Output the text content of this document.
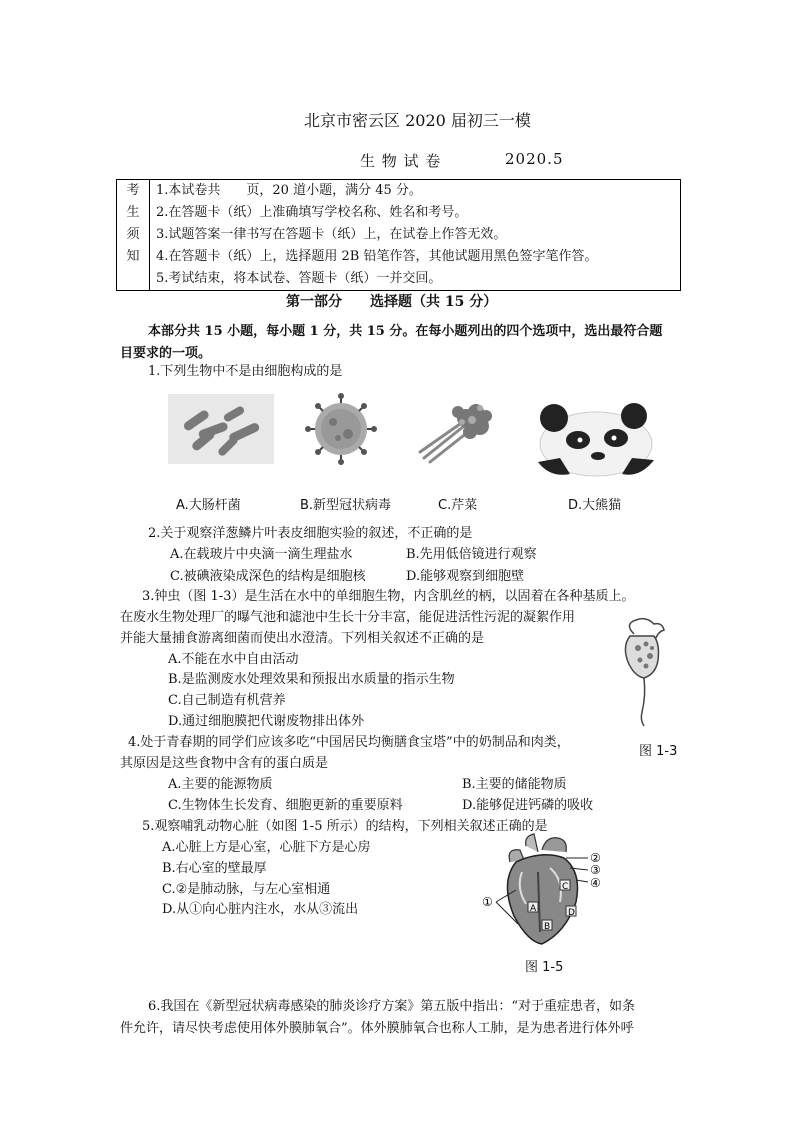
北京市密云区 2020 届初三一模
生 物 试 卷	2020.5
考
生
须
知

1.本试卷共　　页，20 道小题，满分 45 分。
2.在答题卡（纸）上准确填写学校名称、姓名和考号。
3.试题答案一律书写在答题卡（纸）上，在试卷上作答无效。
4.在答题卡（纸）上，选择题用 2B 铅笔作答，其他试题用黑色签字笔作答。
5.考试结束，将本试卷、答题卡（纸）一并交回。
第一部分　　选择题（共 15 分）
本部分共 15 小题，每小题 1 分，共 15 分。在每小题列出的四个选项中，选出最符合题
目要求的一项。
1.下列生物中不是由细胞构成的是
A.大肠杆菌	B.新型冠状病毒	C.芹菜	D.大熊猫
2.关于观察洋葱鳞片叶表皮细胞实验的叙述，不正确的是
A.在载玻片中央滴一滴生理盐水	B.先用低倍镜进行观察
C.被碘液染成深色的结构是细胞核	D.能够观察到细胞壁
3.钟虫（图 1-3）是生活在水中的单细胞生物，内含肌丝的柄，以固着在各种基质上。
在废水生物处理厂的曝气池和滤池中生长十分丰富，能促进活性污泥的凝絮作用
并能大量捕食游离细菌而使出水澄清。下列相关叙述不正确的是
A.不能在水中自由活动
B.是监测废水处理效果和预报出水质量的指示生物
C.自己制造有机营养
D.通过细胞膜把代谢废物排出体外
图 1-3
4.处于青春期的同学们应该多吃“中国居民均衡膳食宝塔”中的奶制品和肉类，
其原因是这些食物中含有的蛋白质是
A.主要的能源物质	B.主要的储能物质
C.生物体生长发育、细胞更新的重要原料	D.能够促进钙磷的吸收
5.观察哺乳动物心脏（如图 1-5 所示）的结构，下列相关叙述正确的是
A.心脏上方是心室，心脏下方是心房
B.右心室的壁最厚
C.②是肺动脉，与左心室相通
D.从①向心脏内注水，水从③流出	A
B
C
D
①
②
③
④
图 1-5
6.我国在《新型冠状病毒感染的肺炎诊疗方案》第五版中指出：“对于重症患者，如条
件允许，请尽快考虑使用体外膜肺氧合”。体外膜肺氧合也称人工肺，是为患者进行体外呼
